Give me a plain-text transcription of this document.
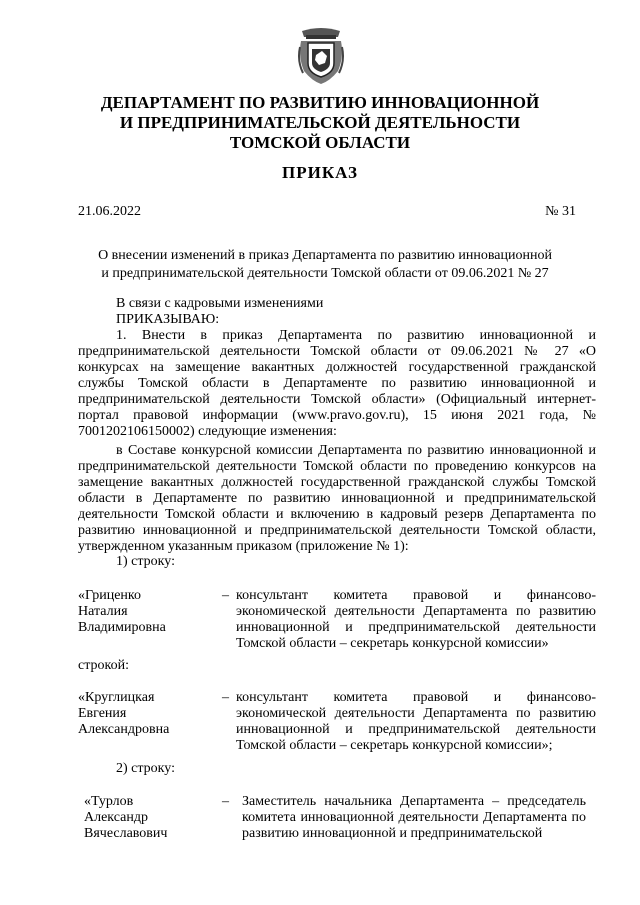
ДЕПАРТАМЕНТ ПО РАЗВИТИЮ ИННОВАЦИОННОЙ
И ПРЕДПРИНИМАТЕЛЬСКОЙ ДЕЯТЕЛЬНОСТИ
ТОМСКОЙ ОБЛАСТИ
ПРИКАЗ
21.06.2022	№ 31
О внесении изменений в приказ Департамента по развитию инновационной
и предпринимательской деятельности Томской области от 09.06.2021 № 27
В связи с кадровыми изменениями
ПРИКАЗЫВАЮ:
1. Внести в приказ Департамента по развитию инновационной и предпринимательской деятельности Томской области от 09.06.2021 № 27 «О конкурсах на замещение вакантных должностей государственной гражданской службы Томской области в Департаменте по развитию инновационной и предпринимательской деятельности Томской области» (Официальный интернет-портал правовой информации (www.pravo.gov.ru), 15 июня 2021 года, № 7001202106150002) следующие изменения:
в Составе конкурсной комиссии Департамента по развитию инновационной и предпринимательской деятельности Томской области по проведению конкурсов на замещение вакантных должностей государственной гражданской службы Томской области в Департаменте по развитию инновационной и предпринимательской деятельности Томской области и включению в кадровый резерв Департамента по развитию инновационной и предпринимательской деятельности Томской области, утвержденном указанным приказом (приложение № 1):
1) строку:
«Гриценко
Наталия
Владимировна
– консультант комитета правовой и финансово-экономической деятельности Департамента по развитию инновационной и предпринимательской деятельности Томской области – секретарь конкурсной комиссии»
строкой:
«Круглицкая
Евгения
Александровна
– консультант комитета правовой и финансово-экономической деятельности Департамента по развитию инновационной и предпринимательской деятельности Томской области – секретарь конкурсной комиссии»;
2) строку:
«Турлов
Александр
Вячеславович
– Заместитель начальника Департамента – председатель комитета инновационной деятельности Департамента по развитию инновационной и предпринимательской
